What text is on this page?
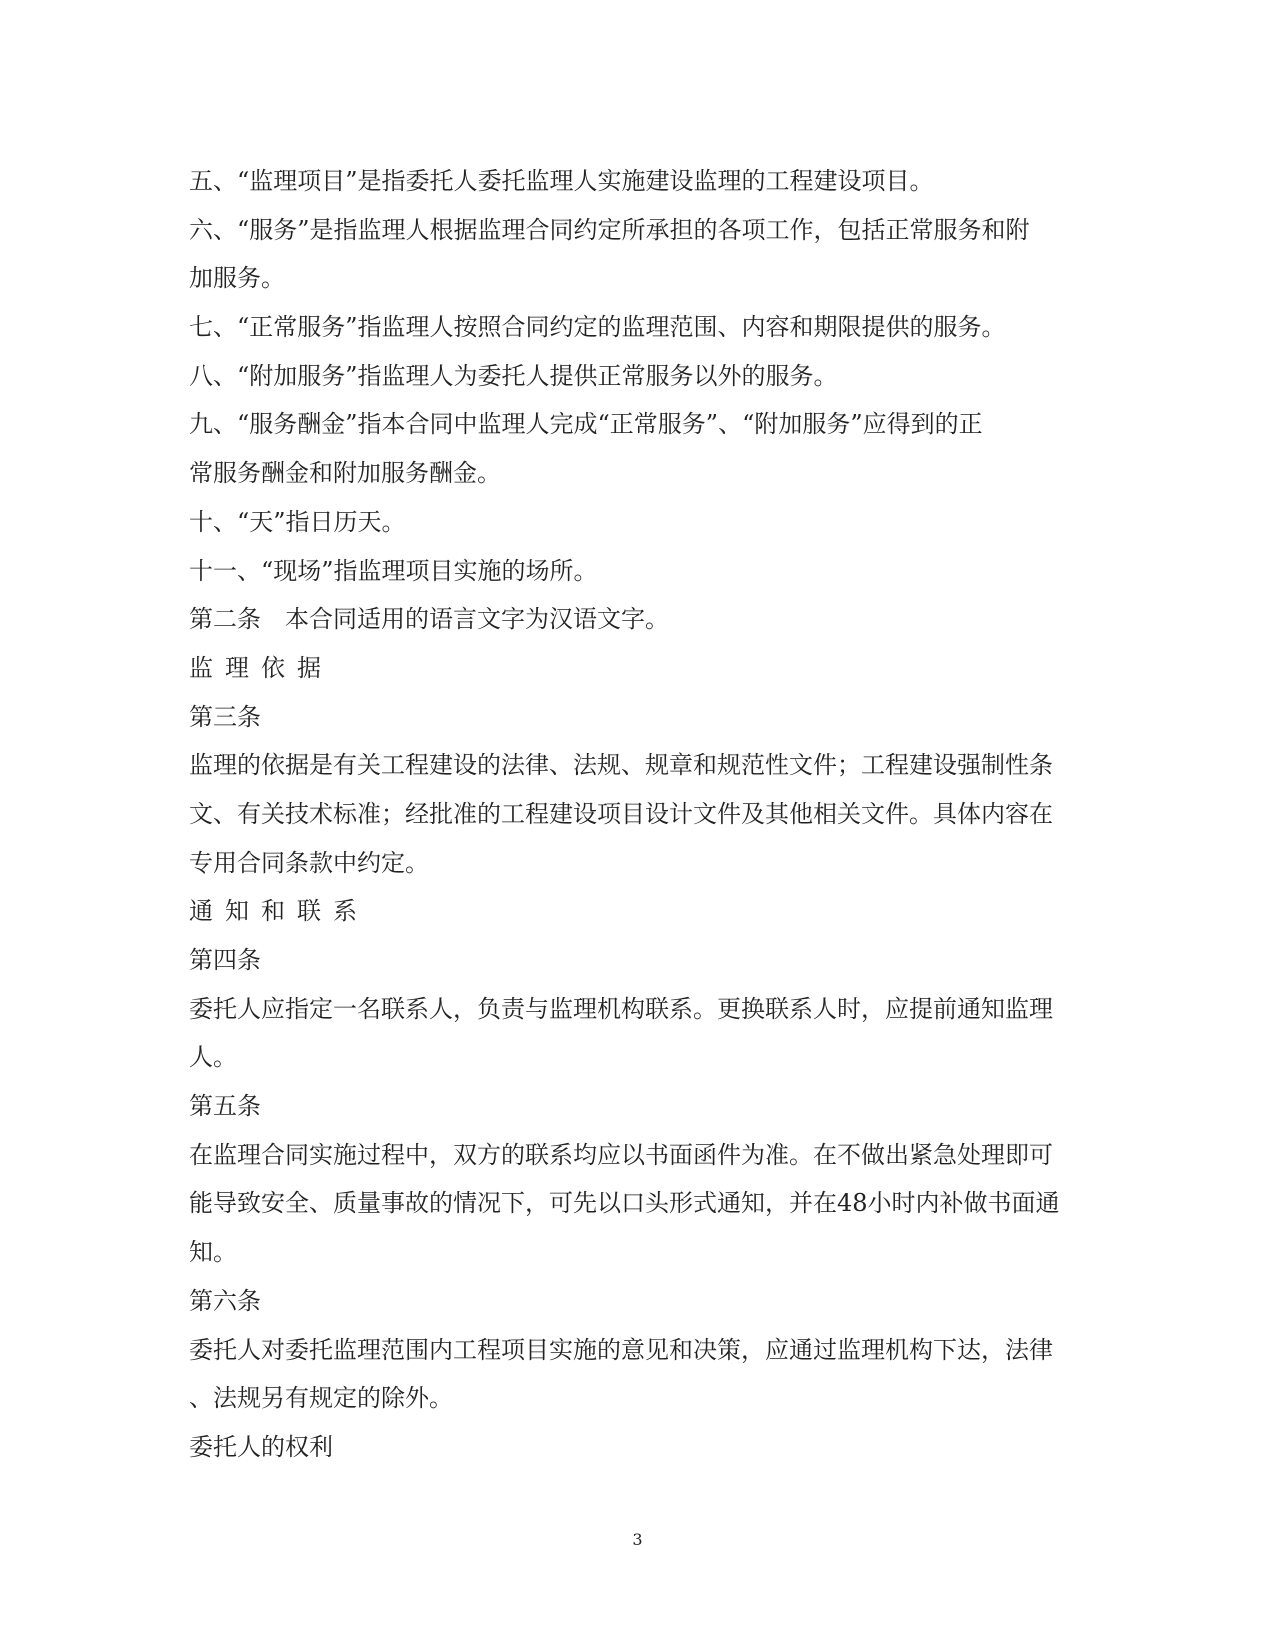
五、“监理项目”是指委托人委托监理人实施建设监理的工程建设项目。
六、“服务”是指监理人根据监理合同约定所承担的各项工作，包括正常服务和附
加服务。
七、“正常服务”指监理人按照合同约定的监理范围、内容和期限提供的服务。
八、“附加服务”指监理人为委托人提供正常服务以外的服务。
九、“服务酬金”指本合同中监理人完成“正常服务”、“附加服务”应得到的正
常服务酬金和附加服务酬金。
十、“天”指日历天。
十一、“现场”指监理项目实施的场所。
第二条　本合同适用的语言文字为汉语文字。
监理依据
第三条
监理的依据是有关工程建设的法律、法规、规章和规范性文件；工程建设强制性条
文、有关技术标准；经批准的工程建设项目设计文件及其他相关文件。具体内容在
专用合同条款中约定。
通知和联系
第四条
委托人应指定一名联系人，负责与监理机构联系。更换联系人时，应提前通知监理
人。
第五条
在监理合同实施过程中，双方的联系均应以书面函件为准。在不做出紧急处理即可
能导致安全、质量事故的情况下，可先以口头形式通知，并在48小时内补做书面通
知。
第六条
委托人对委托监理范围内工程项目实施的意见和决策，应通过监理机构下达，法律
、法规另有规定的除外。
委托人的权利
3
